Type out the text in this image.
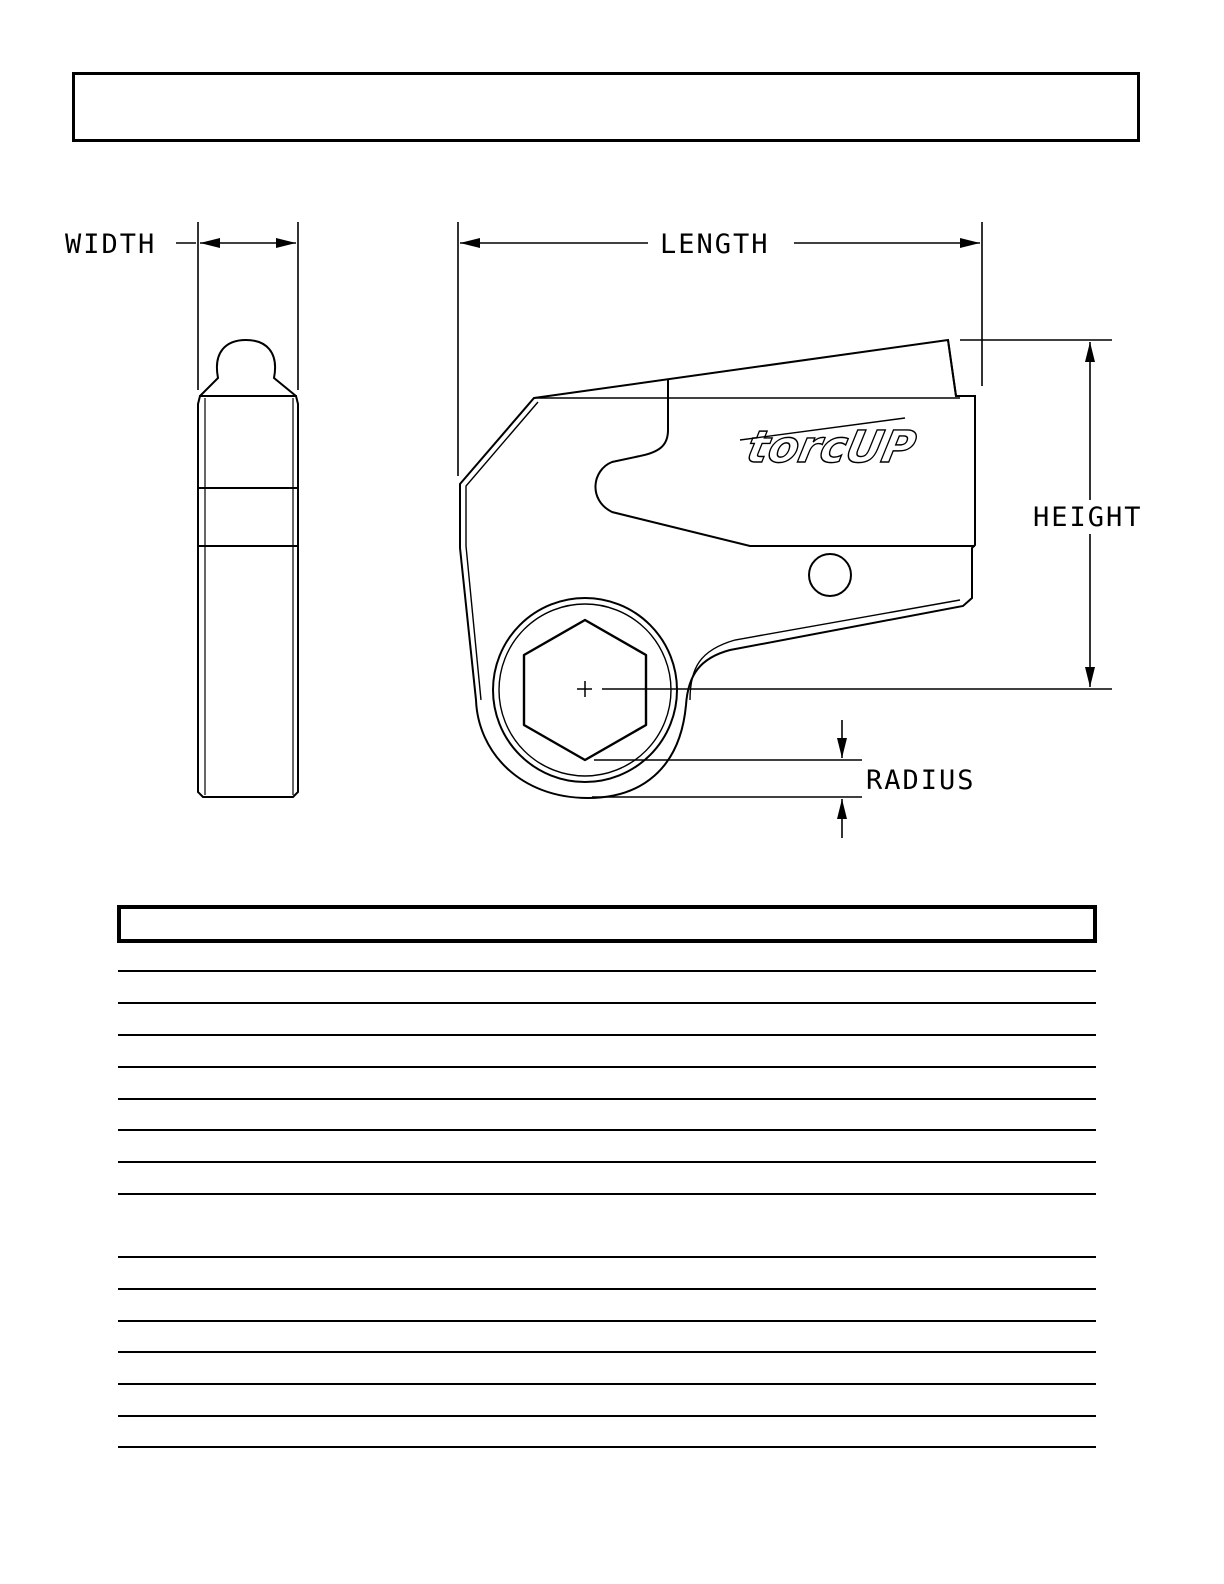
WIDTH
torcUP
LENGTH
HEIGHT
RADIUS
